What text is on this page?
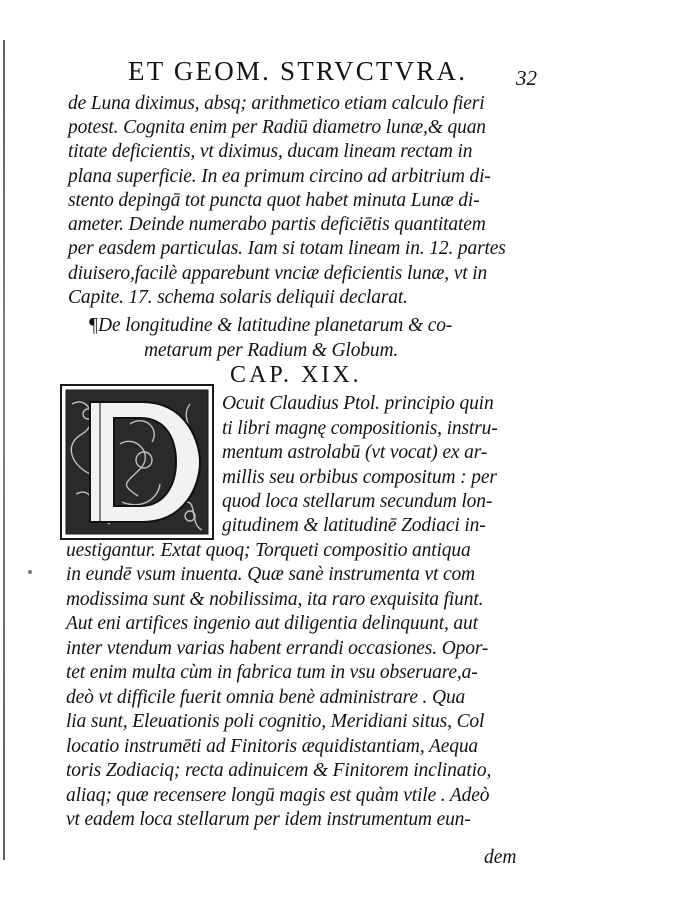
ET GEOM. STRVCTVRA. 32
de Luna diximus, absq; arithmetico etiam calculo fieri
potest. Cognita enim per Radiū diametro lunæ,& quan
titate deficientis, vt diximus, ducam lineam rectam in
plana superficie. In ea primum circino ad arbitrium di-
stento depingā tot puncta quot habet minuta Lunæ di-
ameter. Deinde numerabo partis deficiētis quantitatem
per easdem particulas. Iam si totam lineam in. 12. partes
diuisero,facilè apparebunt vnciæ deficientis lunæ, vt in
Capite. 17. schema solaris deliquii declarat.
¶De longitudine & latitudine planetarum & co-
metarum per Radium & Globum.
CAP. XIX.
Ocuit Claudius Ptol. principio quin
ti libri magnę compositionis, instru-
mentum astrolabū (vt vocat) ex ar-
millis seu orbibus compositum : per
quod loca stellarum secundum lon-
gitudinem & latitudinē Zodiaci in-
uestigantur. Extat quoq; Torqueti compositio antiqua
in eundē vsum inuenta. Quæ sanè instrumenta vt com
modissima sunt & nobilissima, ita raro exquisita fiunt.
Aut eni artifices ingenio aut diligentia delinquunt, aut
inter vtendum varias habent errandi occasiones. Opor-
tet enim multa cùm in fabrica tum in vsu obseruare,a-
deò vt difficile fuerit omnia benè administrare . Qua
lia sunt, Eleuationis poli cognitio, Meridiani situs, Col
locatio instrumēti ad Finitoris æquidistantiam, Aequa
toris Zodiaciq; recta adinuicem & Finitorem inclinatio,
aliaq; quæ recensere longū magis est quàm vtile . Adeò
vt eadem loca stellarum per idem instrumentum eun-
dem
